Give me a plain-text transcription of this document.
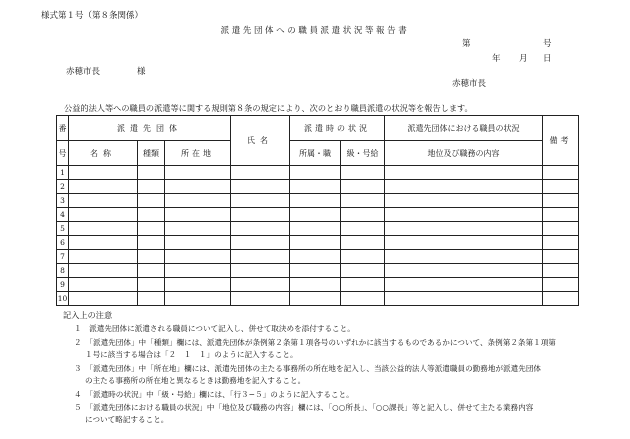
様式第１号（第８条関係）
派遣先団体への職員派遣状況等報告書
第	号
年 月 日
赤穂市長	様
赤穂市長
公益的法人等への職員の派遣等に関する規則第８条の規定により、次のとおり職員派遣の状況等を報告します。
番	派遣先団体			氏名	派遣時の状況		派遣先団体における職員の状況	備考
号	名称	種類	所在地		所属・職	級・号給	地位及び職務の内容	
1								
2								
3								
4								
5								
6								
7								
8								
9								
10								
記入上の注意
１　派遣先団体に派遣される職員について記入し、併せて取決めを添付すること。
２　「派遣先団体」中「種類」欄には、派遣先団体が条例第２条第１項各号のいずれかに該当するものであるかについて、条例第２条第１項第
１号に該当する場合は「２　１　１」のように記入すること。
３　「派遣先団体」中「所在地」欄には、派遣先団体の主たる事務所の所在地を記入し、当該公益的法人等派遣職員の勤務地が派遣先団体
の主たる事務所の所在地と異なるときは勤務地を記入すること。
４　「派遣時の状況」中「級・号給」欄には、「行３−５」のように記入すること。
５　「派遣先団体における職員の状況」中「地位及び職務の内容」欄には、「○○所長」、「○○課長」等と記入し、併せて主たる業務内容
について略記すること。
